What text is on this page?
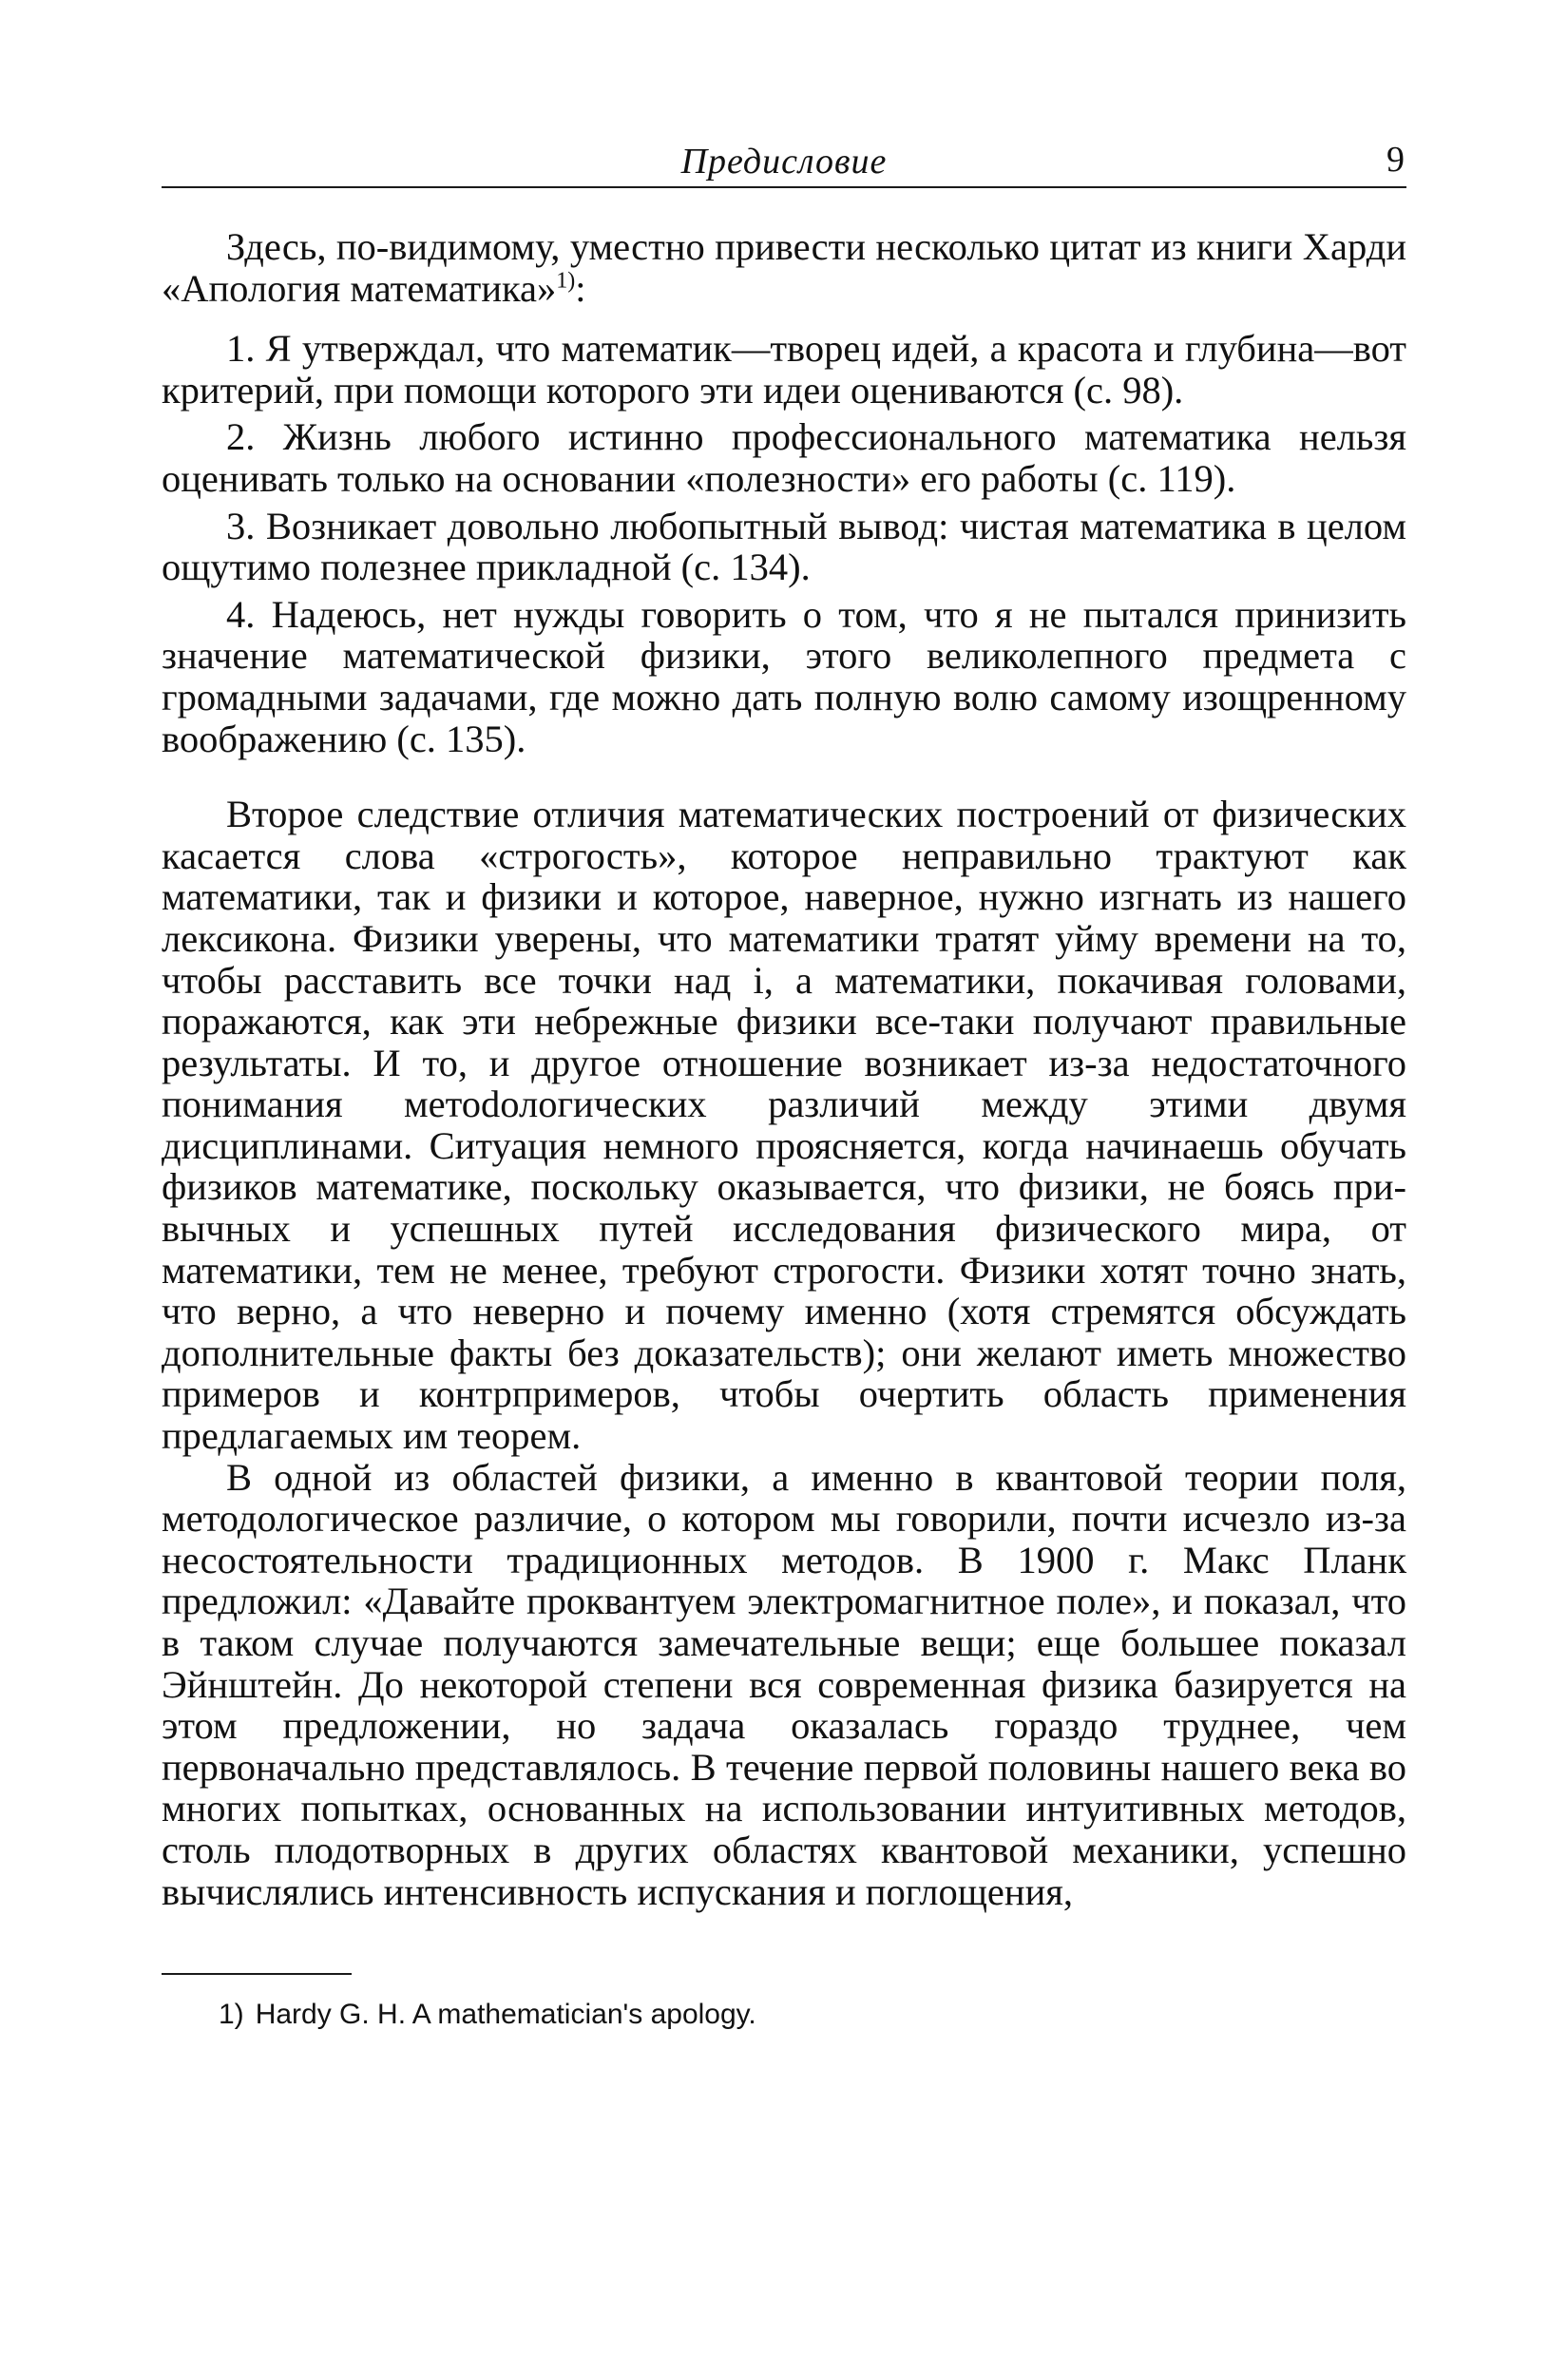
Предисловие	9

Здесь, по-видимому, уместно привести несколько цитат из книги Харди «Апология математика»$^{1)}$:

1. Я утверждал, что математик—творец идей, а красота и глубина—вот критерий, при помощи которого эти идеи оцениваются (с. 98).

2. Жизнь любого истинно профессионального математика нельзя оценивать только на основании «полезности» его работы (с. 119).

3. Возникает довольно любопытный вывод: чистая математика в целом ощутимо полезнее прикладной (с. 134).

4. Надеюсь, нет нужды говорить о том, что я не пытался принизить значение математической физики, этого великолепного предмета с громадными задачами, где можно дать полную волю самому изощренному воображению (с. 135).

Второе следствие отличия математических построений от физических касается слова «строгость», которое неправильно трактуют как математики, так и физики и которое, наверное, нужно изгнать из нашего лексикона. Физики уверены, что математики тратят уйму времени на то, чтобы расставить все точки над i, а математики, покачивая головами, поражаются, как эти небрежные физики все-таки получают правильные результаты. И то, и другое отношение возникает из-за недостаточного понимания метоdологических различий между этими двумя дисциплинами. Ситуация немного проясняется, когда начинаешь обучать физиков математике, поскольку оказывается, что физики, не боясь привычных и успешных путей исследования физического мира, от математики, тем не менее, требуют строгости. Физики хотят точно знать, что верно, а что неверно и почему именно (хотя стремятся обсуждать дополнительные факты без доказательств); они желают иметь множество примеров и контрпримеров, чтобы очертить область применения предлагаемых им теорем.

В одной из областей физики, а именно в квантовой теории поля, методологическое различие, о котором мы говорили, почти исчезло из-за несостоятельности традиционных методов. В 1900 г. Макс Планк предложил: «Давайте проквантуем электромагнитное поле», и показал, что в таком случае получаются замечательные вещи; еще большее показал Эйнштейн. До некоторой степени вся современная физика базируется на этом предложении, но задача оказалась гораздо труднее, чем первоначально представлялось. В течение первой половины нашего века во многих попытках, основанных на использовании интуитивных методов, столь плодотворных в других областях квантовой механики, успешно вычислялись интенсивность испускания и поглощения,

1) Hardy G. H. A mathematician's apology.
